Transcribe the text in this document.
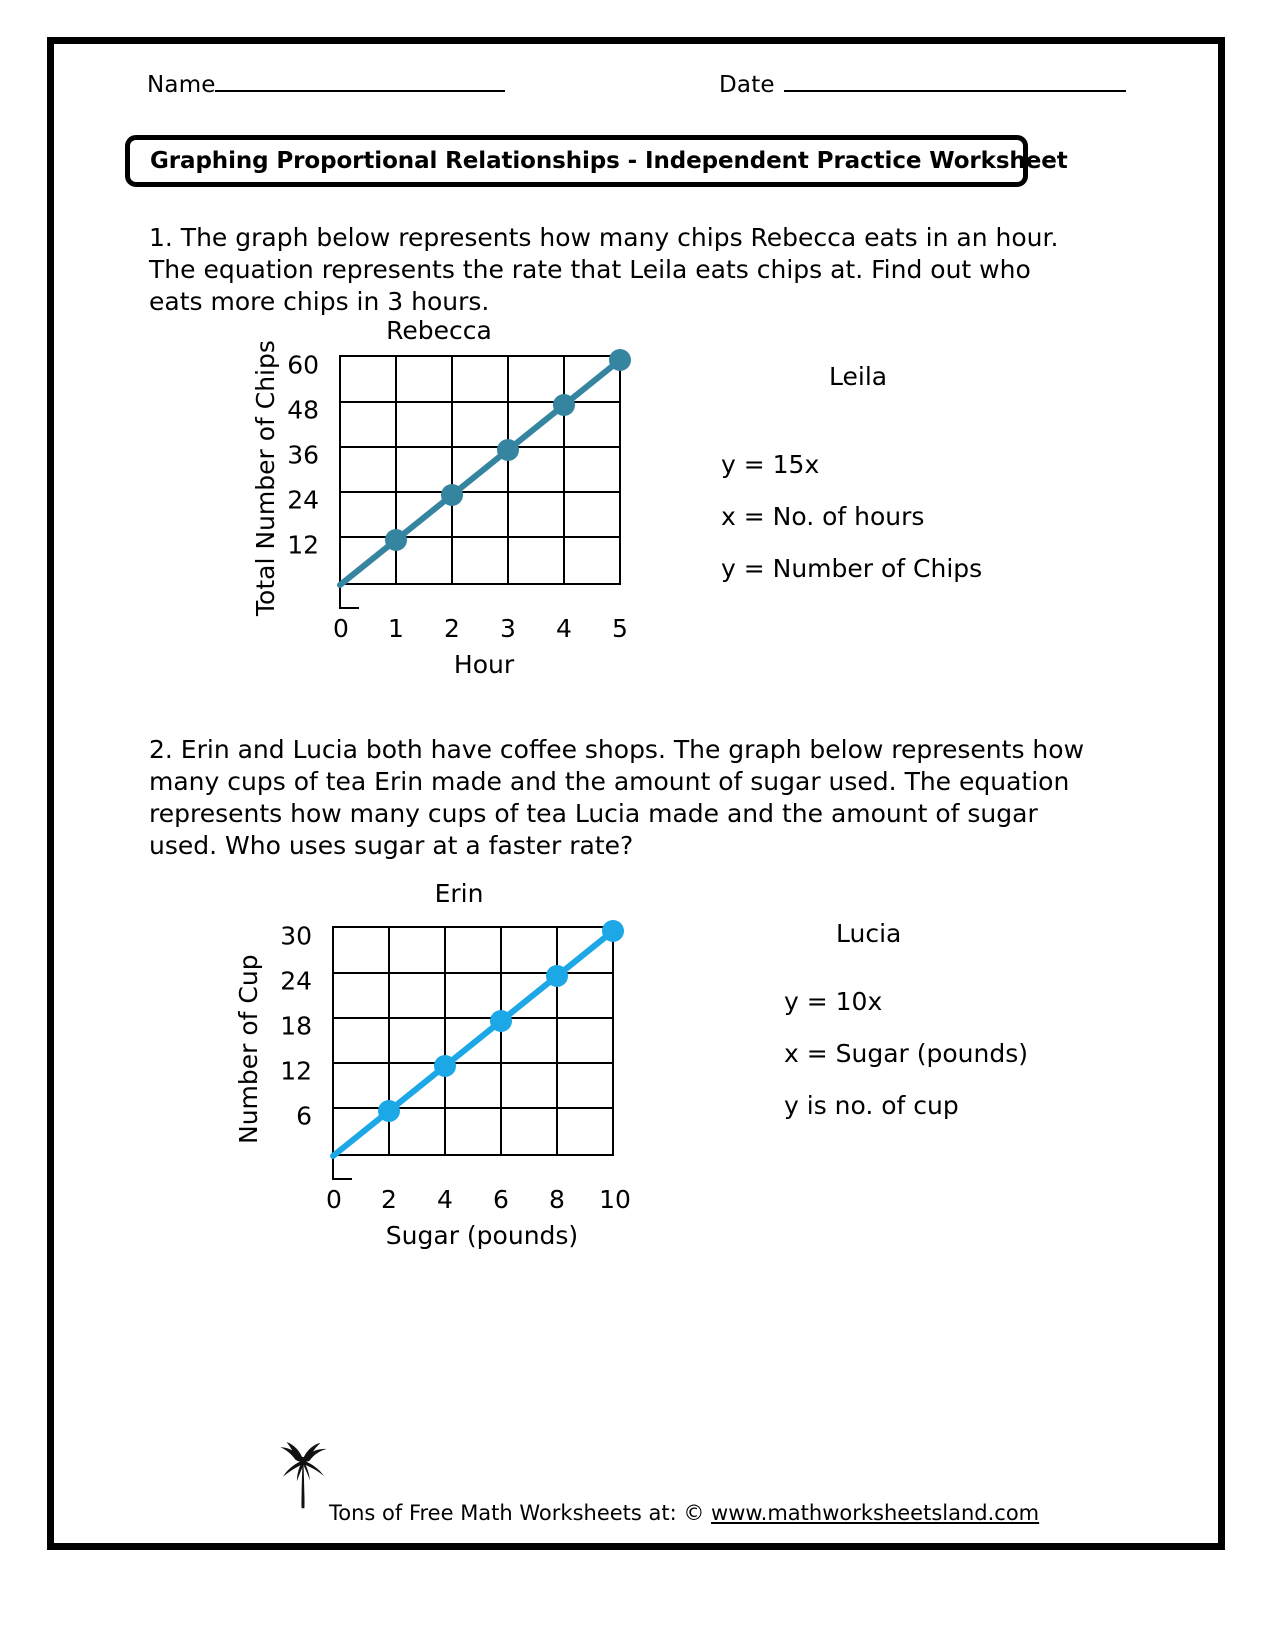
Name	Date
Graphing Proportional Relationships - Independent Practice Worksheet
1. The graph below represents how many chips Rebecca eats in an hour. The equation represents the rate that Leila eats chips at. Find out who eats more chips in 3 hours.
Rebecca
Total Number of Chips 60
48
36
24
12
0 1 2 3 4 5
Hour
Leila
y = 15x
x = No. of hours
y = Number of Chips
2. Erin and Lucia both have coffee shops. The graph below represents how many cups of tea Erin made and the amount of sugar used. The equation represents how many cups of tea Lucia made and the amount of sugar used. Who uses sugar at a faster rate?
Erin
Number of Cup
30
24
18
12
6
0 2 4 6 8 10
Sugar (pounds)
Lucia
y = 10x
x = Sugar (pounds)
y is no. of cup
Tons of Free Math Worksheets at: © www.mathworksheetsland.com
